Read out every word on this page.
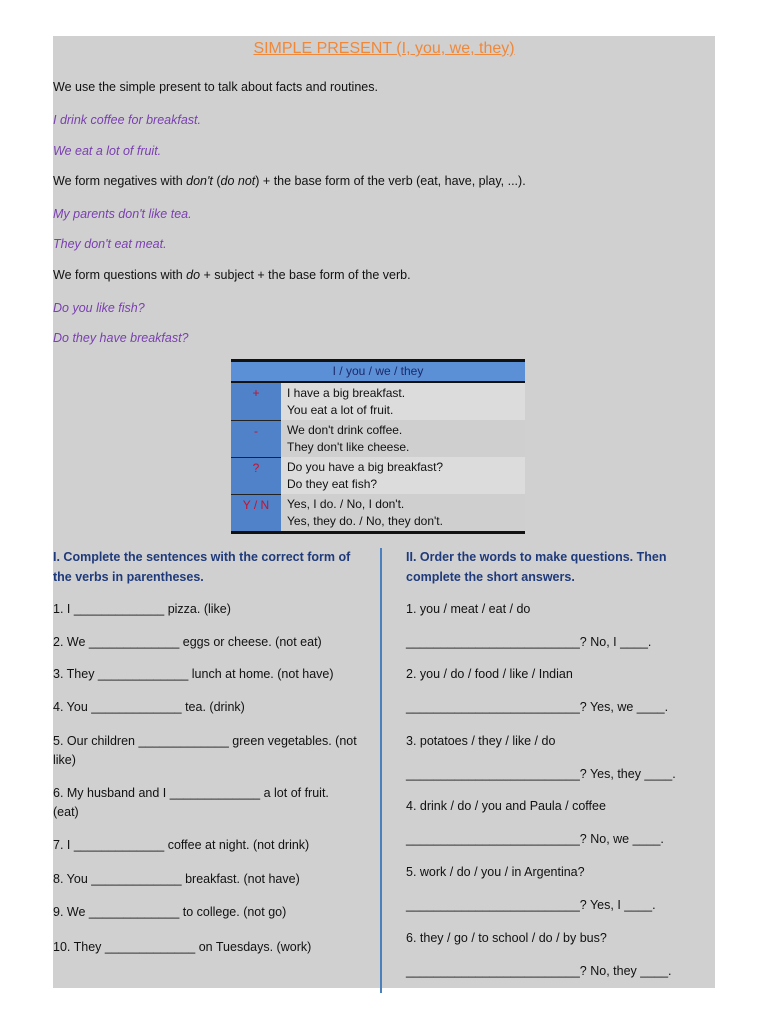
SIMPLE PRESENT (I, you, we, they)
We use the simple present to talk about facts and routines.
I drink coffee for breakfast.
We eat a lot of fruit.
We form negatives with don't (do not) + the base form of the verb (eat, have, play, ...).
My parents don't like tea.
They don't eat meat.
We form questions with do + subject + the base form of the verb.
Do you like fish?
Do they have breakfast?
I / you / we / they
+	I have a big breakfast.
You eat a lot of fruit.
-	We don't drink coffee.
They don't like cheese.
?	Do you have a big breakfast?
Do they eat fish?
Y / N	Yes, I do. / No, I don't.
Yes, they do. / No, they don't.
I. Complete the sentences with the correct form of
the verbs in parentheses.
1. I _____________ pizza. (like)
2. We _____________ eggs or cheese. (not eat)
3. They _____________ lunch at home. (not have)
4. You _____________ tea. (drink)
5. Our children _____________ green vegetables. (not
like)
6. My husband and I _____________ a lot of fruit.
(eat)
7. I _____________ coffee at night. (not drink)
8. You _____________ breakfast. (not have)
9. We _____________ to college. (not go)
10. They _____________ on Tuesdays. (work)
II. Order the words to make questions. Then
complete the short answers.
1. you / meat / eat / do
_________________________? No, I ____.
2. you / do / food / like / Indian
_________________________? Yes, we ____.
3. potatoes / they / like / do
_________________________? Yes, they ____.
4. drink / do / you and Paula / coffee
_________________________? No, we ____.
5. work / do / you / in Argentina?
_________________________? Yes, I ____.
6. they / go / to school / do / by bus?
_________________________? No, they ____.
